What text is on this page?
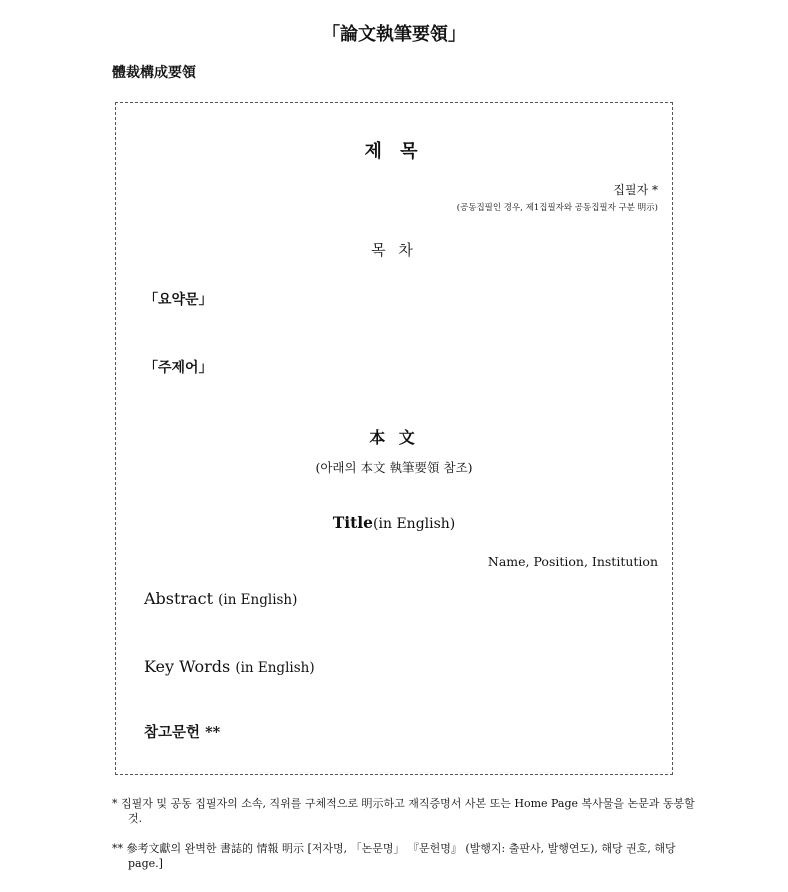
「論文執筆要領」
體裁構成要領
제 목
집필자 *
(공동집필인 경우, 제1집필자와 공동집필자 구분 明示)
목 차
「요약문」
「주제어」
本 文
(아래의 本文 執筆要領 참조)
Title(in English)
Name, Position, Institution
Abstract (in English)
Key Words (in English)
참고문헌 **
* 집필자 및 공동 집필자의 소속, 직위를 구체적으로 明示하고 재직증명서 사본 또는 Home Page 복사물을 논문과 동봉할 것.
** 參考文獻의 완벽한 書誌的 情報 明示 [저자명, 「논문명」 『문헌명』 (발행지: 출판사, 발행연도), 해당 권호, 해당 page.]
